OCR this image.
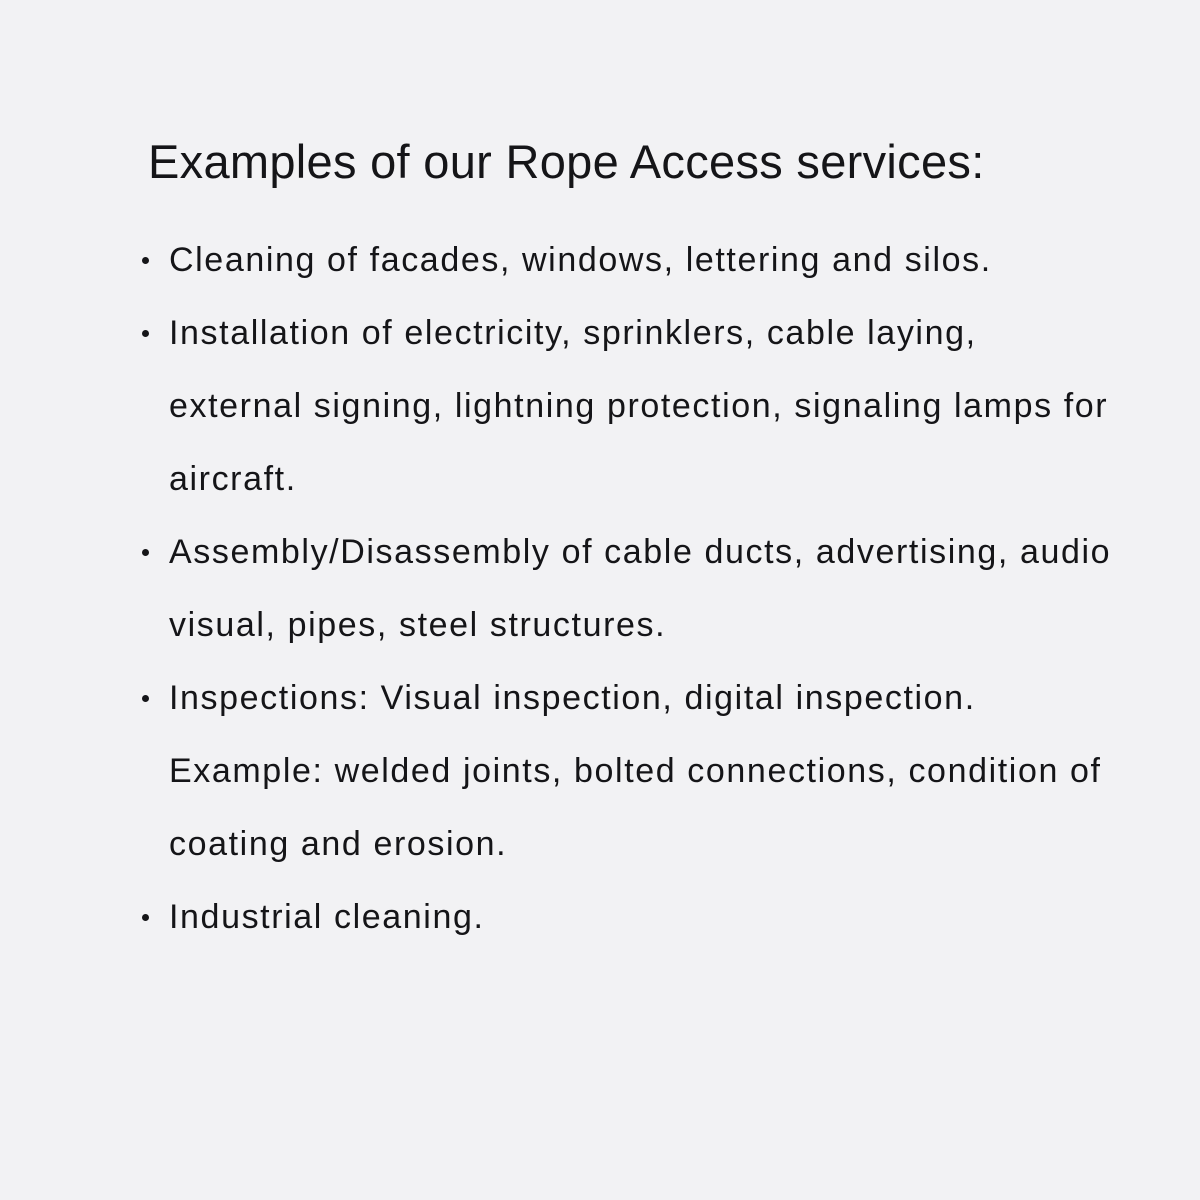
Examples of our Rope Access services:
Cleaning of facades, windows, lettering and silos.
Installation of electricity, sprinklers, cable laying, external signing, lightning protection, signaling lamps for aircraft.
Assembly/Disassembly of cable ducts, advertising, audio visual, pipes, steel structures.
Inspections: Visual inspection, digital inspection. Example: welded joints, bolted connections, condition of coating and erosion.
Industrial cleaning.
